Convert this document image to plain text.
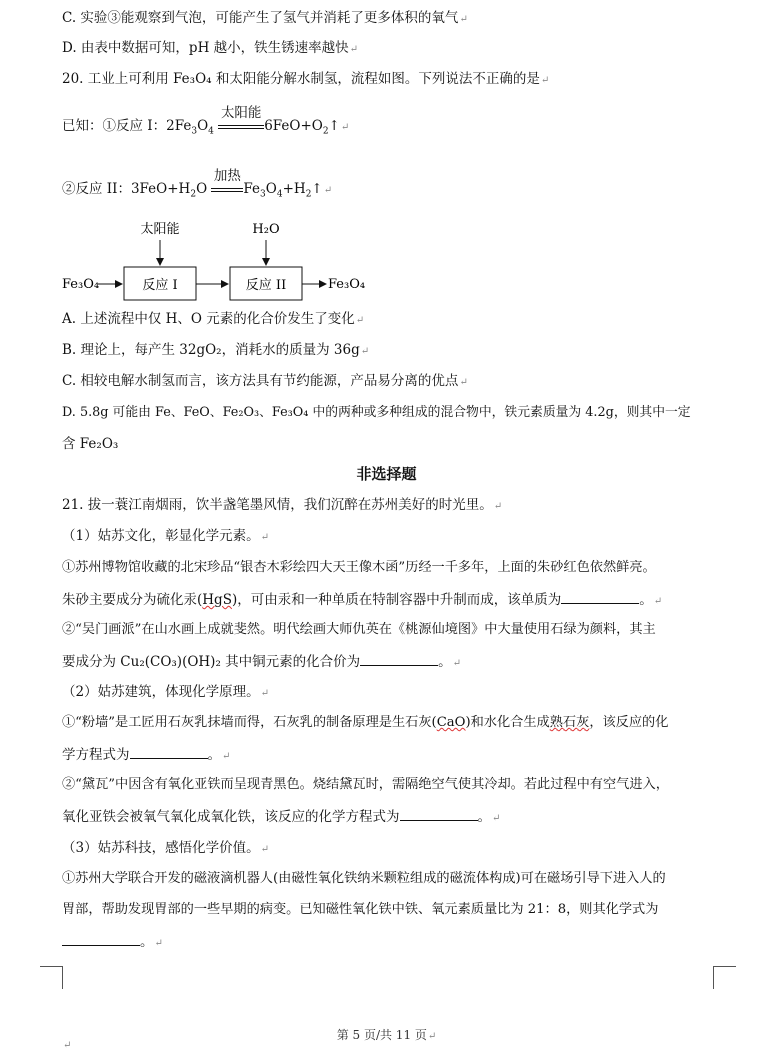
C. 实验③能观察到气泡，可能产生了氢气并消耗了更多体积的氧气↵
D. 由表中数据可知，pH 越小，铁生锈速率越快↵
20. 工业上可利用 Fe₃O₄ 和太阳能分解水制氢，流程如图。下列说法不正确的是↵
已知：①反应 I：$2Fe_3O_4$
太阳能
$6FeO+O_2↑↵$
②反应 II：$3FeO+H_2O$
加热
$Fe_3O_4+H_2↑↵$
Fe₃O₄	反应 I	反应 II	Fe₃O₄
太阳能	H₂O
A. 上述流程中仅 H、O 元素的化合价发生了变化↵
B. 理论上，每产生 32gO₂，消耗水的质量为 36g↵
C. 相较电解水制氢而言，该方法具有节约能源，产品易分离的优点↵
D. 5.8g 可能由 Fe、FeO、Fe₂O₃、Fe₃O₄ 中的两种或多种组成的混合物中，铁元素质量为 4.2g，则其中一定
含 Fe₂O₃
非选择题
21. 拔一蓑江南烟雨，饮半盏笔墨风情，我们沉醉在苏州美好的时光里。↵
（1）姑苏文化，彰显化学元素。↵
①苏州博物馆收藏的北宋珍品“银杏木彩绘四大天王像木函”历经一千多年，上面的朱砂红色依然鲜亮。
朱砂主要成分为硫化汞(HgS)，可由汞和一种单质在特制容器中升制而成，该单质为	。↵
②“吴门画派”在山水画上成就斐然。明代绘画大师仇英在《桃源仙境图》中大量使用石绿为颜料，其主
要成分为 Cu₂(CO₃)(OH)₂ 其中铜元素的化合价为	。↵
（2）姑苏建筑，体现化学原理。↵
①“粉墙”是工匠用石灰乳抹墙而得，石灰乳的制备原理是生石灰(CaO)和水化合生成熟石灰，该反应的化
学方程式为	。↵
②“黛瓦”中因含有氧化亚铁而呈现青黑色。烧结黛瓦时，需隔绝空气使其冷却。若此过程中有空气进入，
氧化亚铁会被氧气氧化成氧化铁，该反应的化学方程式为	。↵
（3）姑苏科技，感悟化学价值。↵
①苏州大学联合开发的磁液滴机器人(由磁性氧化铁纳米颗粒组成的磁流体构成)可在磁场引导下进入人的
胃部，帮助发现胃部的一些早期的病变。已知磁性氧化铁中铁、氧元素质量比为 21：8，则其化学式为
。↵
第 5 页/共 11 页↵
↵
